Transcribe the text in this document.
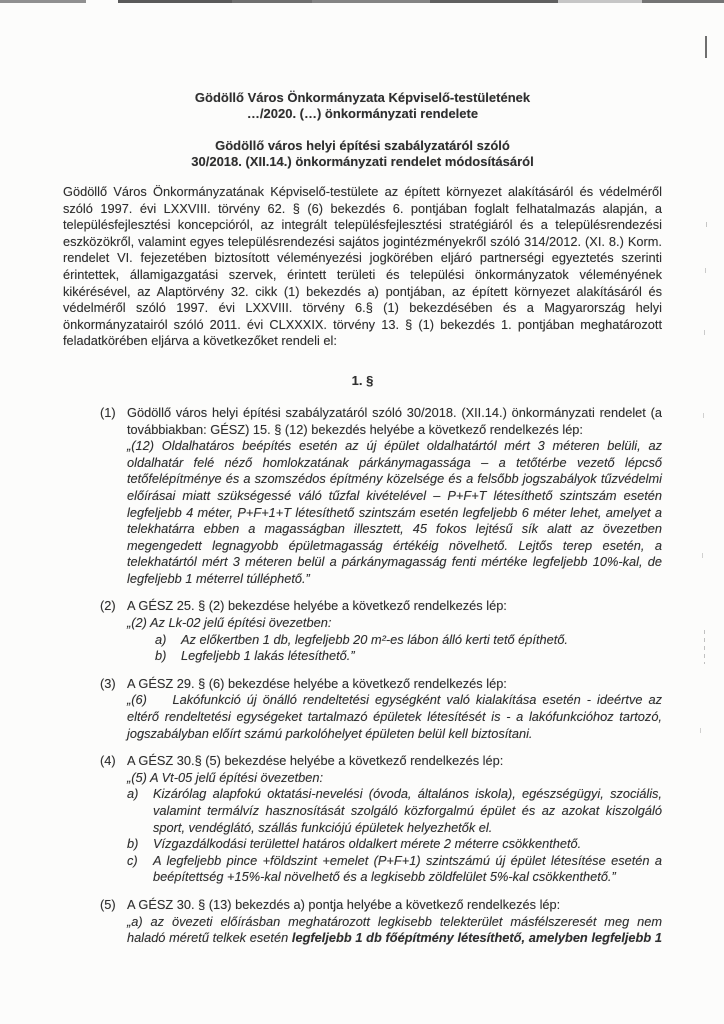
Gödöllő Város Önkormányzata Képviselő-testületének
…/2020. (…) önkormányzati rendelete
Gödöllő város helyi építési szabályzatáról szóló
30/2018. (XII.14.) önkormányzati rendelet módosításáról

Gödöllő Város Önkormányzatának Képviselő-testülete az épített környezet alakításáról és védelméről szóló 1997. évi LXXVIII. törvény 62. § (6) bekezdés 6. pontjában foglalt felhatalmazás alapján, a településfejlesztési koncepcióról, az integrált településfejlesztési stratégiáról és a településrendezési eszközökről, valamint egyes településrendezési sajátos jogintézményekről szóló 314/2012. (XI. 8.) Korm. rendelet VI. fejezetében biztosított véleményezési jogkörében eljáró partnerségi egyeztetés szerinti érintettek, államigazgatási szervek, érintett területi és települési önkormányzatok véleményének kikérésével, az Alaptörvény 32. cikk (1) bekezdés a) pontjában, az épített környezet alakításáról és védelméről szóló 1997. évi LXXVIII. törvény 6.§ (1) bekezdésében és a Magyarország helyi önkormányzatairól szóló 2011. évi CLXXXIX. törvény 13. § (1) bekezdés 1. pontjában meghatározott feladatkörében eljárva a következőket rendeli el:

1. §
(1) Gödöllő város helyi építési szabályzatáról szóló 30/2018. (XII.14.) önkormányzati rendelet (a továbbiakban: GÉSZ) 15. § (12) bekezdés helyébe a következő rendelkezés lép:

„(12) Oldalhatáros beépítés esetén az új épület oldalhatártól mért 3 méteren belüli, az oldalhatár felé néző homlokzatának párkánymagassága – a tetőtérbe vezető lépcső tetőfelépítménye és a szomszédos építmény közelsége és a felsőbb jogszabályok tűzvédelmi előírásai miatt szükségessé váló tűzfal kivételével – P+F+T létesíthető szintszám esetén legfeljebb 4 méter, P+F+1+T létesíthető szintszám esetén legfeljebb 6 méter lehet, amelyet a telekhatárra ebben a magasságban illesztett, 45 fokos lejtésű sík alatt az övezetben megengedett legnagyobb épületmagasság értékéig növelhető. Lejtős terep esetén, a telekhatártól mért 3 méteren belül a párkánymagasság fenti mértéke legfeljebb 10%-kal, de legfeljebb 1 méterrel túlléphető.”

(2) A GÉSZ 25. § (2) bekezdése helyébe a következő rendelkezés lép:

„(2) Az Lk-02 jelű építési övezetben:

a)	Az előkertben 1 db, legfeljebb 20 m²-es lábon álló kerti tető építhető.

b)	Legfeljebb 1 lakás létesíthető.”

(3) A GÉSZ 29. § (6) bekezdése helyébe a következő rendelkezés lép:

„(6)  Lakófunkció új önálló rendeltetési egységként való kialakítása esetén - ideértve az eltérő rendeltetési egységeket tartalmazó épületek létesítését is - a lakófunkcióhoz tartozó, jogszabályban előírt számú parkolóhelyet épületen belül kell biztosítani.

(4) A GÉSZ 30.§ (5) bekezdése helyébe a következő rendelkezés lép:

„(5) A Vt-05 jelű építési övezetben:

a)	Kizárólag alapfokú oktatási-nevelési (óvoda, általános iskola), egészségügyi, szociális, valamint termálvíz hasznosítását szolgáló közforgalmú épület és az azokat kiszolgáló sport, vendéglátó, szállás funkciójú épületek helyezhetők el.

b)	Vízgazdálkodási területtel határos oldalkert mérete 2 méterre csökkenthető.

c)	A legfeljebb pince +földszint +emelet (P+F+1) szintszámú új épület létesítése esetén a beépítettség +15%-kal növelhető és a legkisebb zöldfelület 5%-kal csökkenthető.”

(5) A GÉSZ 30. § (13) bekezdés a) pontja helyébe a következő rendelkezés lép:

„a) az övezeti előírásban meghatározott legkisebb telekterület másfélszeresét meg nem haladó méretű telkek esetén legfeljebb 1 db főépítmény létesíthető, amelyben legfeljebb 1
